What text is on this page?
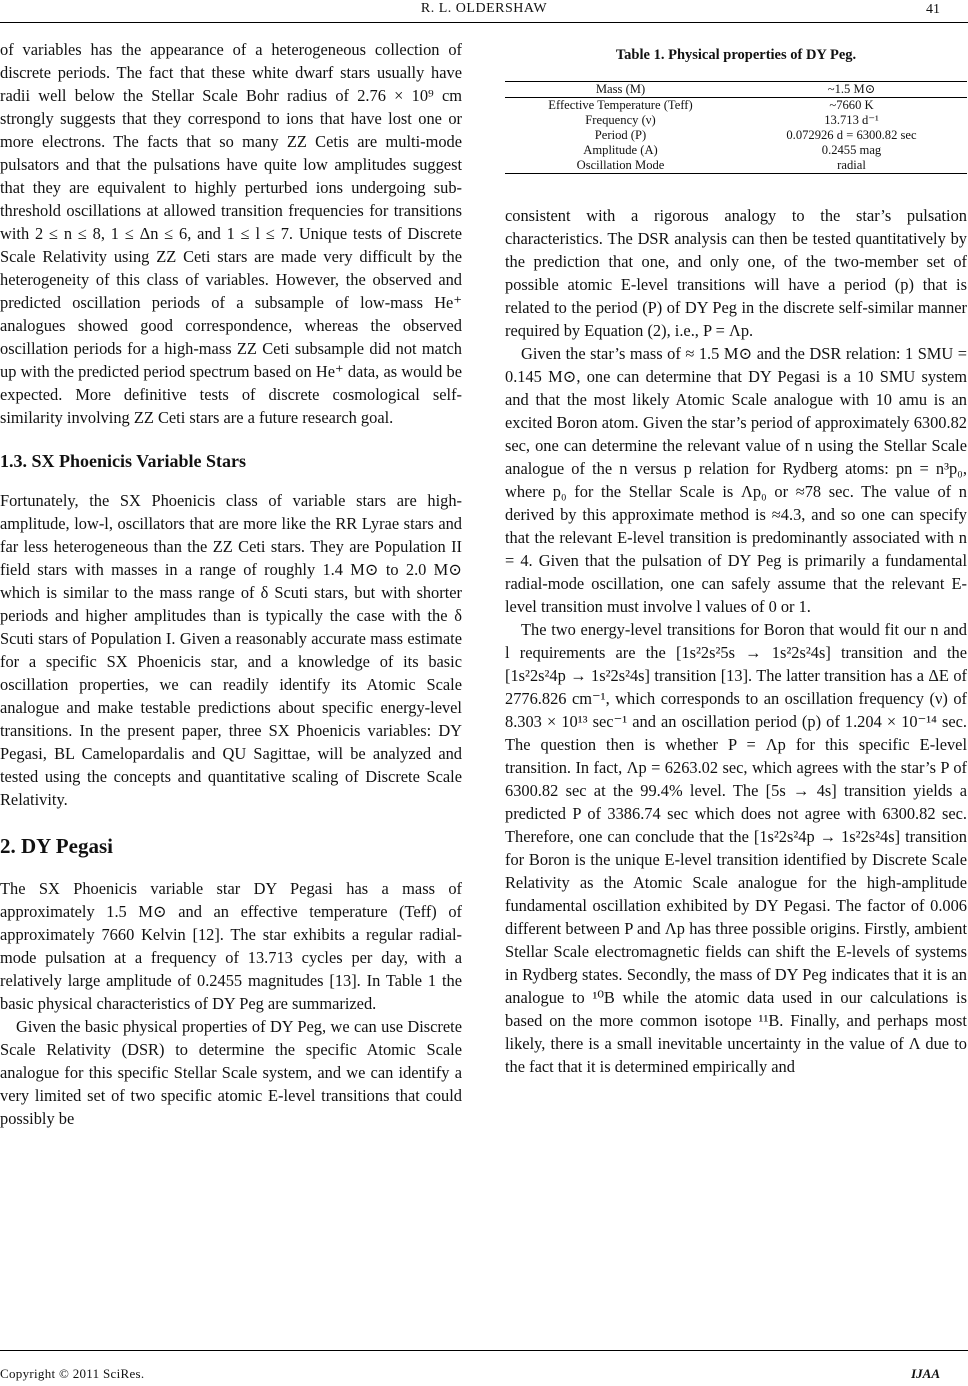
R. L. OLDERSHAW	41

of variables has the appearance of a heterogeneous collection of discrete periods. The fact that these white dwarf stars usually have radii well below the Stellar Scale Bohr radius of 2.76 × 10⁹ cm strongly suggests that they correspond to ions that have lost one or more electrons. The facts that so many ZZ Cetis are multi-mode pulsators and that the pulsations have quite low amplitudes suggest that they are equivalent to highly perturbed ions undergoing sub-threshold oscillations at allowed transition frequencies for transitions with 2 ≤ n ≤ 8, 1 ≤ Δn ≤ 6, and 1 ≤ l ≤ 7. Unique tests of Discrete Scale Relativity using ZZ Ceti stars are made very difficult by the heterogeneity of this class of variables. However, the observed and predicted oscillation periods of a subsample of low-mass He⁺ analogues showed good correspondence, whereas the observed oscillation periods for a high-mass ZZ Ceti subsample did not match up with the predicted period spectrum based on He⁺ data, as would be expected. More definitive tests of discrete cosmological self-similarity involving ZZ Ceti stars are a future research goal.

1.3. SX Phoenicis Variable Stars

Fortunately, the SX Phoenicis class of variable stars are high-amplitude, low-l, oscillators that are more like the RR Lyrae stars and far less heterogeneous than the ZZ Ceti stars. They are Population II field stars with masses in a range of roughly 1.4 M⊙ to 2.0 M⊙ which is similar to the mass range of δ Scuti stars, but with shorter periods and higher amplitudes than is typically the case with the δ Scuti stars of Population I. Given a reasonably accurate mass estimate for a specific SX Phoenicis star, and a knowledge of its basic oscillation properties, we can readily identify its Atomic Scale analogue and make testable predictions about specific energy-level transitions. In the present paper, three SX Phoenicis variables: DY Pegasi, BL Camelopardalis and QU Sagittae, will be analyzed and tested using the concepts and quantitative scaling of Discrete Scale Relativity.

2. DY Pegasi

The SX Phoenicis variable star DY Pegasi has a mass of approximately 1.5 M⊙ and an effective temperature (Teff) of approximately 7660 Kelvin [12]. The star exhibits a regular radial-mode pulsation at a frequency of 13.713 cycles per day, with a relatively large amplitude of 0.2455 magnitudes [13]. In Table 1 the basic physical characteristics of DY Peg are summarized.

Given the basic physical properties of DY Peg, we can use Discrete Scale Relativity (DSR) to determine the specific Atomic Scale analogue for this specific Stellar Scale system, and we can identify a very limited set of two specific atomic E-level transitions that could possibly be

Table 1. Physical properties of DY Peg.
Mass (M)	~1.5 M⊙
Effective Temperature (Teff)	~7660 K
Frequency (ν)	13.713 d⁻¹
Period (P)	0.072926 d = 6300.82 sec
Amplitude (A)	0.2455 mag
Oscillation Mode	radial

consistent with a rigorous analogy to the star’s pulsation characteristics. The DSR analysis can then be tested quantitatively by the prediction that one, and only one, of the two-member set of possible atomic E-level transitions will have a period (p) that is related to the period (P) of DY Peg in the discrete self-similar manner required by Equation (2), i.e., P = Λp.

Given the star’s mass of ≈ 1.5 M⊙ and the DSR relation: 1 SMU = 0.145 M⊙, one can determine that DY Pegasi is a 10 SMU system and that the most likely Atomic Scale analogue with 10 amu is an excited Boron atom. Given the star’s period of approximately 6300.82 sec, one can determine the relevant value of n using the Stellar Scale analogue of the n versus p relation for Rydberg atoms: pn = n³p₀, where p₀ for the Stellar Scale is Λp₀ or ≈78 sec. The value of n derived by this approximate method is ≈4.3, and so one can specify that the relevant E-level transition is predominantly associated with n = 4. Given that the pulsation of DY Peg is primarily a fundamental radial-mode oscillation, one can safely assume that the relevant E-level transition must involve l values of 0 or 1.

The two energy-level transitions for Boron that would fit our n and l requirements are the [1s²2s²5s → 1s²2s²4s] transition and the [1s²2s²4p → 1s²2s²4s] transition [13]. The latter transition has a ΔE of 2776.826 cm⁻¹, which corresponds to an oscillation frequency (ν) of 8.303 × 10¹³ sec⁻¹ and an oscillation period (p) of 1.204 × 10⁻¹⁴ sec. The question then is whether P = Λp for this specific E-level transition. In fact, Λp = 6263.02 sec, which agrees with the star’s P of 6300.82 sec at the 99.4% level. The [5s → 4s] transition yields a predicted P of 3386.74 sec which does not agree with 6300.82 sec. Therefore, one can conclude that the [1s²2s²4p → 1s²2s²4s] transition for Boron is the unique E-level transition identified by Discrete Scale Relativity as the Atomic Scale analogue for the high-amplitude fundamental oscillation exhibited by DY Pegasi. The factor of 0.006 different between P and Λp has three possible origins. Firstly, ambient Stellar Scale electromagnetic fields can shift the E-levels of systems in Rydberg states. Secondly, the mass of DY Peg indicates that it is an analogue to ¹⁰B while the atomic data used in our calculations is based on the more common isotope ¹¹B. Finally, and perhaps most likely, there is a small inevitable uncertainty in the value of Λ due to the fact that it is determined empirically and

Copyright © 2011 SciRes.	IJAA
